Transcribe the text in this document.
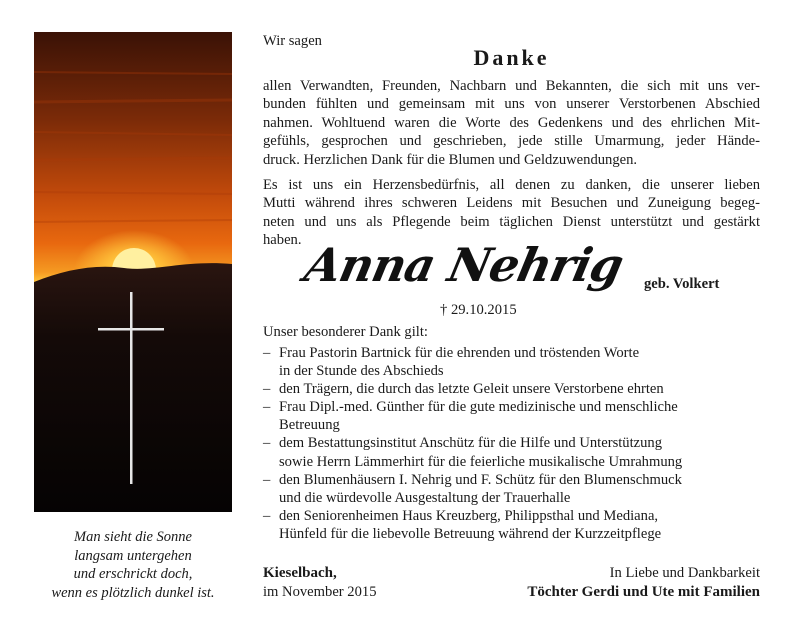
Man sieht die Sonne
langsam untergehen
und erschrickt doch,
wenn es plötzlich dunkel ist.
Wir sagen
Danke
allen Verwandten, Freunden, Nachbarn und Bekannten, die sich mit uns ver-
bunden fühlten und gemeinsam mit uns von unserer Verstorbenen Abschied
nahmen. Wohltuend waren die Worte des Gedenkens und des ehrlichen Mit-
gefühls, gesprochen und geschrieben, jede stille Umarmung, jeder Hände-
druck. Herzlichen Dank für die Blumen und Geldzuwendungen.
Es ist uns ein Herzensbedürfnis, all denen zu danken, die unserer lieben
Mutti während ihres schweren Leidens mit Besuchen und Zuneigung begeg-
neten und uns als Pflegende beim täglichen Dienst unterstützt und gestärkt
haben.
Anna Nehrig geb. Volkert
† 29.10.2015
Unser besonderer Dank gilt:
– Frau Pastorin Bartnick für die ehrenden und tröstenden Worte
in der Stunde des Abschieds
– den Trägern, die durch das letzte Geleit unsere Verstorbene ehrten
– Frau Dipl.-med. Günther für die gute medizinische und menschliche
Betreuung
– dem Bestattungsinstitut Anschütz für die Hilfe und Unterstützung
sowie Herrn Lämmerhirt für die feierliche musikalische Umrahmung
– den Blumenhäusern I. Nehrig und F. Schütz für den Blumenschmuck
und die würdevolle Ausgestaltung der Trauerhalle
– den Seniorenheimen Haus Kreuzberg, Philippsthal und Mediana,
Hünfeld für die liebevolle Betreuung während der Kurzzeitpflege
Kieselbach,
im November 2015
In Liebe und Dankbarkeit
Töchter Gerdi und Ute mit Familien
